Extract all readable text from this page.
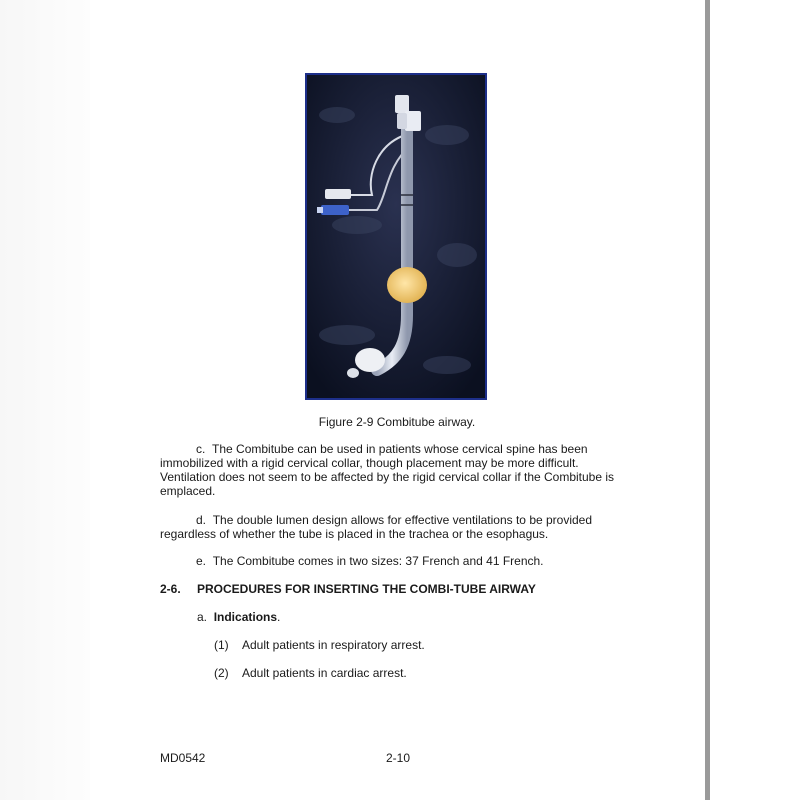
Figure 2-9 Combitube airway.
c. The Combitube can be used in patients whose cervical spine has been immobilized with a rigid cervical collar, though placement may be more difficult. Ventilation does not seem to be affected by the rigid cervical collar if the Combitube is emplaced.
d. The double lumen design allows for effective ventilations to be provided regardless of whether the tube is placed in the trachea or the esophagus.
e. The Combitube comes in two sizes: 37 French and 41 French.
2-6. PROCEDURES FOR INSERTING THE COMBI-TUBE AIRWAY
a. Indications.
(1) Adult patients in respiratory arrest.
(2) Adult patients in cardiac arrest.
MD0542	2-10
